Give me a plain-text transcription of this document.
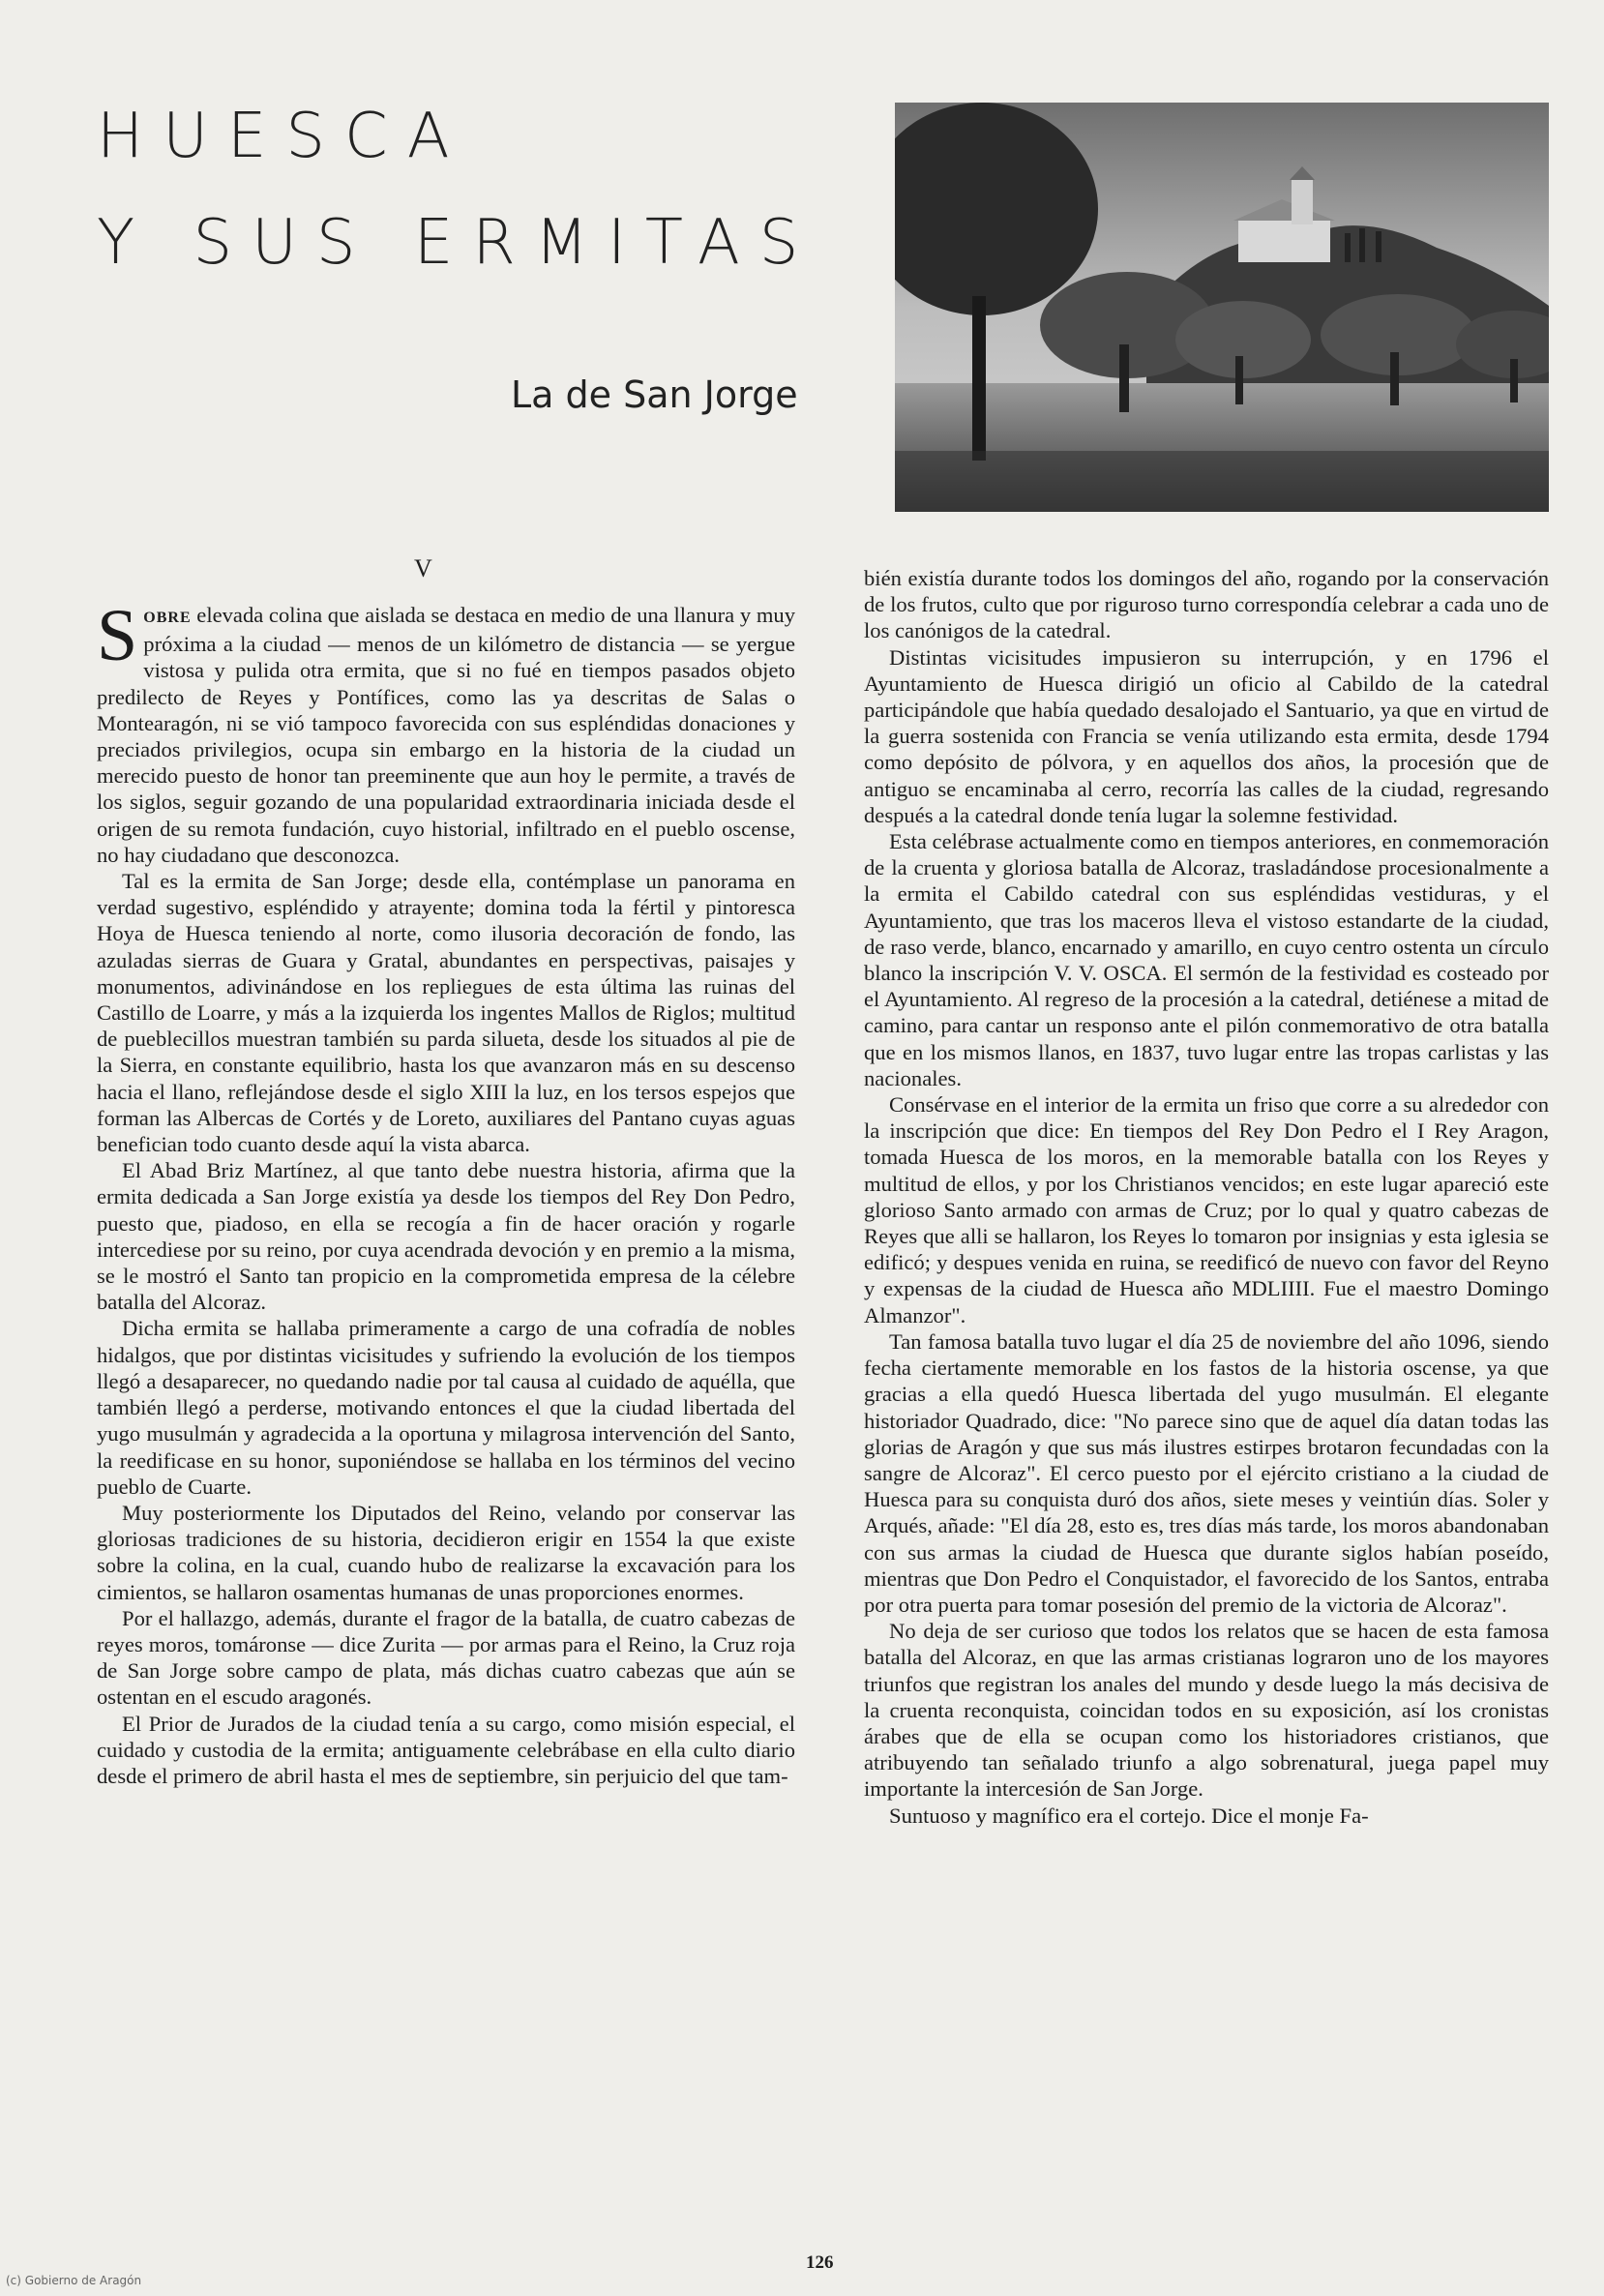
HUESCA
Y SUS ERMITAS
La de San Jorge
V

SOBRE elevada colina que aislada se destaca en medio de una llanura y muy próxima a la ciudad — menos de un kilómetro de distancia — se yergue vistosa y pulida otra ermita, que si no fué en tiempos pasados objeto predilecto de Reyes y Pontífices, como las ya descritas de Salas o Montearagón, ni se vió tampoco favorecida con sus espléndidas donaciones y preciados privilegios, ocupa sin embargo en la historia de la ciudad un merecido puesto de honor tan preeminente que aun hoy le permite, a través de los siglos, seguir gozando de una popularidad extraordinaria iniciada desde el origen de su remota fundación, cuyo historial, infiltrado en el pueblo oscense, no hay ciudadano que desconozca.

Tal es la ermita de San Jorge; desde ella, contémplase un panorama en verdad sugestivo, espléndido y atrayente; domina toda la fértil y pintoresca Hoya de Huesca teniendo al norte, como ilusoria decoración de fondo, las azuladas sierras de Guara y Gratal, abundantes en perspectivas, paisajes y monumentos, adivinándose en los repliegues de esta última las ruinas del Castillo de Loarre, y más a la izquierda los ingentes Mallos de Riglos; multitud de pueblecillos muestran también su parda silueta, desde los situados al pie de la Sierra, en constante equilibrio, hasta los que avanzaron más en su descenso hacia el llano, reflejándose desde el siglo XIII la luz, en los tersos espejos que forman las Albercas de Cortés y de Loreto, auxiliares del Pantano cuyas aguas benefician todo cuanto desde aquí la vista abarca.

El Abad Briz Martínez, al que tanto debe nuestra historia, afirma que la ermita dedicada a San Jorge existía ya desde los tiempos del Rey Don Pedro, puesto que, piadoso, en ella se recogía a fin de hacer oración y rogarle intercediese por su reino, por cuya acendrada devoción y en premio a la misma, se le mostró el Santo tan propicio en la comprometida empresa de la célebre batalla del Alcoraz.

Dicha ermita se hallaba primeramente a cargo de una cofradía de nobles hidalgos, que por distintas vicisitudes y sufriendo la evolución de los tiempos llegó a desaparecer, no quedando nadie por tal causa al cuidado de aquélla, que también llegó a perderse, motivando entonces el que la ciudad libertada del yugo musulmán y agradecida a la oportuna y milagrosa intervención del Santo, la reedificase en su honor, suponiéndose se hallaba en los términos del vecino pueblo de Cuarte.

Muy posteriormente los Diputados del Reino, velando por conservar las gloriosas tradiciones de su historia, decidieron erigir en 1554 la que existe sobre la colina, en la cual, cuando hubo de realizarse la excavación para los cimientos, se hallaron osamentas humanas de unas proporciones enormes.

Por el hallazgo, además, durante el fragor de la batalla, de cuatro cabezas de reyes moros, tomáronse — dice Zurita — por armas para el Reino, la Cruz roja de San Jorge sobre campo de plata, más dichas cuatro cabezas que aún se ostentan en el escudo aragonés.

El Prior de Jurados de la ciudad tenía a su cargo, como misión especial, el cuidado y custodia de la ermita; antiguamente celebrábase en ella culto diario desde el primero de abril hasta el mes de septiembre, sin perjuicio del que tam-

bién existía durante todos los domingos del año, rogando por la conservación de los frutos, culto que por riguroso turno correspondía celebrar a cada uno de los canónigos de la catedral.

Distintas vicisitudes impusieron su interrupción, y en 1796 el Ayuntamiento de Huesca dirigió un oficio al Cabildo de la catedral participándole que había quedado desalojado el Santuario, ya que en virtud de la guerra sostenida con Francia se venía utilizando esta ermita, desde 1794 como depósito de pólvora, y en aquellos dos años, la procesión que de antiguo se encaminaba al cerro, recorría las calles de la ciudad, regresando después a la catedral donde tenía lugar la solemne festividad.

Esta celébrase actualmente como en tiempos anteriores, en conmemoración de la cruenta y gloriosa batalla de Alcoraz, trasladándose procesionalmente a la ermita el Cabildo catedral con sus espléndidas vestiduras, y el Ayuntamiento, que tras los maceros lleva el vistoso estandarte de la ciudad, de raso verde, blanco, encarnado y amarillo, en cuyo centro ostenta un círculo blanco la inscripción V. V. OSCA. El sermón de la festividad es costeado por el Ayuntamiento. Al regreso de la procesión a la catedral, detiénese a mitad de camino, para cantar un responso ante el pilón conmemorativo de otra batalla que en los mismos llanos, en 1837, tuvo lugar entre las tropas carlistas y las nacionales.

Consérvase en el interior de la ermita un friso que corre a su alrededor con la inscripción que dice: En tiempos del Rey Don Pedro el I Rey Aragon, tomada Huesca de los moros, en la memorable batalla con los Reyes y multitud de ellos, y por los Christianos vencidos; en este lugar apareció este glorioso Santo armado con armas de Cruz; por lo qual y quatro cabezas de Reyes que alli se hallaron, los Reyes lo tomaron por insignias y esta iglesia se edificó; y despues venida en ruina, se reedificó de nuevo con favor del Reyno y expensas de la ciudad de Huesca año MDLIIII. Fue el maestro Domingo Almanzor".

Tan famosa batalla tuvo lugar el día 25 de noviembre del año 1096, siendo fecha ciertamente memorable en los fastos de la historia oscense, ya que gracias a ella quedó Huesca libertada del yugo musulmán. El elegante historiador Quadrado, dice: "No parece sino que de aquel día datan todas las glorias de Aragón y que sus más ilustres estirpes brotaron fecundadas con la sangre de Alcoraz". El cerco puesto por el ejército cristiano a la ciudad de Huesca para su conquista duró dos años, siete meses y veintiún días. Soler y Arqués, añade: "El día 28, esto es, tres días más tarde, los moros abandonaban con sus armas la ciudad de Huesca que durante siglos habían poseído, mientras que Don Pedro el Conquistador, el favorecido de los Santos, entraba por otra puerta para tomar posesión del premio de la victoria de Alcoraz".

No deja de ser curioso que todos los relatos que se hacen de esta famosa batalla del Alcoraz, en que las armas cristianas lograron uno de los mayores triunfos que registran los anales del mundo y desde luego la más decisiva de la cruenta reconquista, coincidan todos en su exposición, así los cronistas árabes que de ella se ocupan como los historiadores cristianos, que atribuyendo tan señalado triunfo a algo sobrenatural, juega papel muy importante la intercesión de San Jorge.

Suntuoso y magnífico era el cortejo. Dice el monje Fa-

126
(c) Gobierno de Aragón
